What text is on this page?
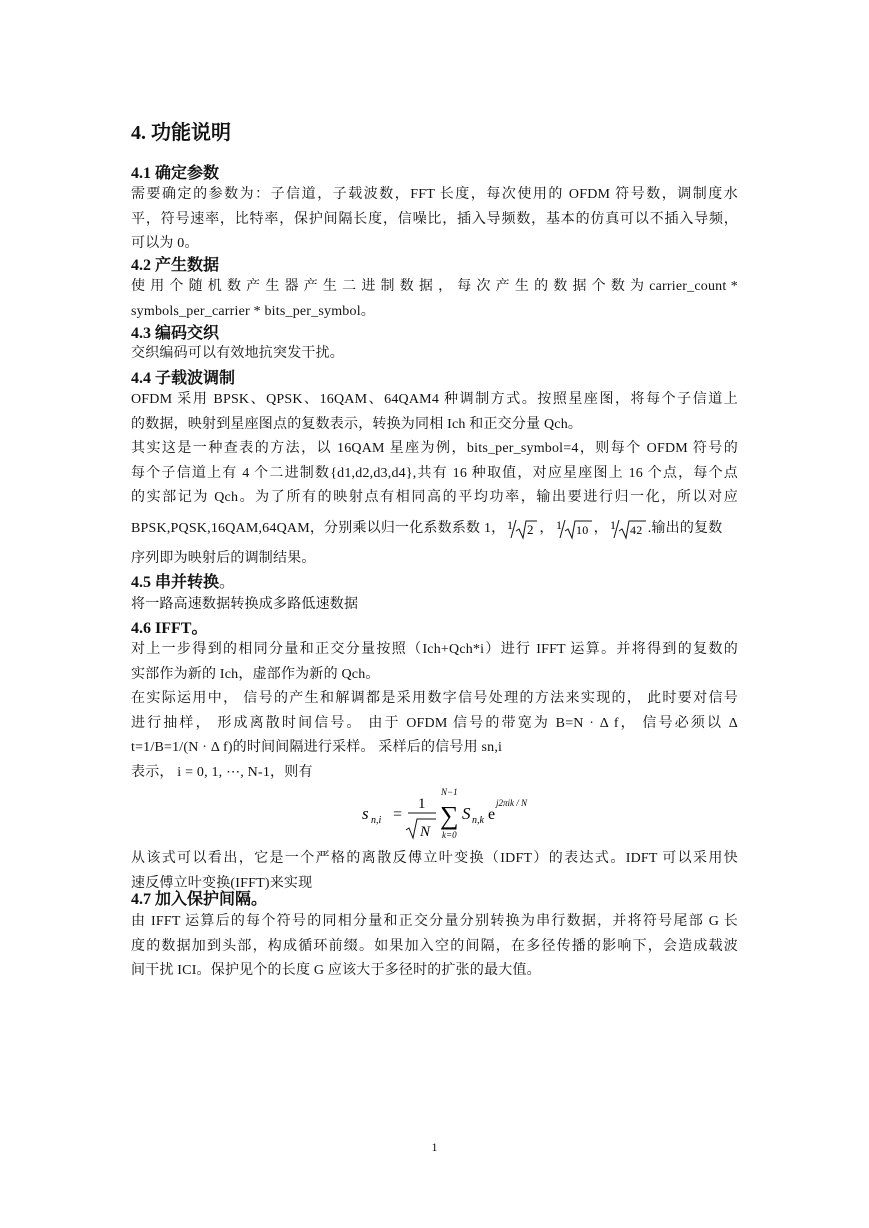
4. 功能说明
4.1 确定参数
需要确定的参数为：子信道，子载波数，FFT 长度，每次使用的 OFDM 符号数，调制度水
平，符号速率，比特率，保护间隔长度，信噪比，插入导频数，基本的仿真可以不插入导频，
可以为 0。
4.2 产生数据
使 用 个 随 机 数 产 生 器 产 生 二 进 制 数 据 ， 每 次 产 生 的 数 据 个 数 为 carrier_count *
symbols_per_carrier * bits_per_symbol。
4.3 编码交织
交织编码可以有效地抗突发干扰。
4.4 子载波调制
OFDM 采用 BPSK、QPSK、16QAM、64QAM4 种调制方式。按照星座图，将每个子信道上
的数据，映射到星座图点的复数表示，转换为同相 Ich 和正交分量 Qch。
其实这是一种查表的方法，以 16QAM 星座为例，bits_per_symbol=4，则每个 OFDM 符号的
每个子信道上有 4 个二进制数{d1,d2,d3,d4},共有 16 种取值，对应星座图上 16 个点，每个点
的实部记为 Qch。为了所有的映射点有相同高的平均功率，输出要进行归一化，所以对应
BPSK,PQSK,16QAM,64QAM，分别乘以归一化系数系数 1， 1 2 ， 1 10 ， 1 42 .输出的复数
序列即为映射后的调制结果。
4.5 串并转换。
将一路高速数据转换成多路低速数据
4.6 IFFT。
对上一步得到的相同分量和正交分量按照（Ich+Qch*i）进行 IFFT 运算。并将得到的复数的
实部作为新的 Ich，虚部作为新的 Qch。
在实际运用中， 信号的产生和解调都是采用数字信号处理的方法来实现的， 此时要对信号
进行抽样， 形成离散时间信号。 由于 OFDM 信号的带宽为 B=N · Δ f， 信号必须以 Δ
t=1/B=1/(N · Δ f)的时间间隔进行采样。 采样后的信号用 sn,i
表示， i = 0, 1, ⋯, N-1，则有
s n,i =
1
N
N−1
∑
k=0
S n,k e
j2πik / N
从该式可以看出，它是一个严格的离散反傅立叶变换（IDFT）的表达式。IDFT 可以采用快
速反傅立叶变换(IFFT)来实现
4.7 加入保护间隔。
由 IFFT 运算后的每个符号的同相分量和正交分量分别转换为串行数据，并将符号尾部 G 长
度的数据加到头部，构成循环前缀。如果加入空的间隔，在多径传播的影响下，会造成载波
间干扰 ICI。保护见个的长度 G 应该大于多径时的扩张的最大值。
1
